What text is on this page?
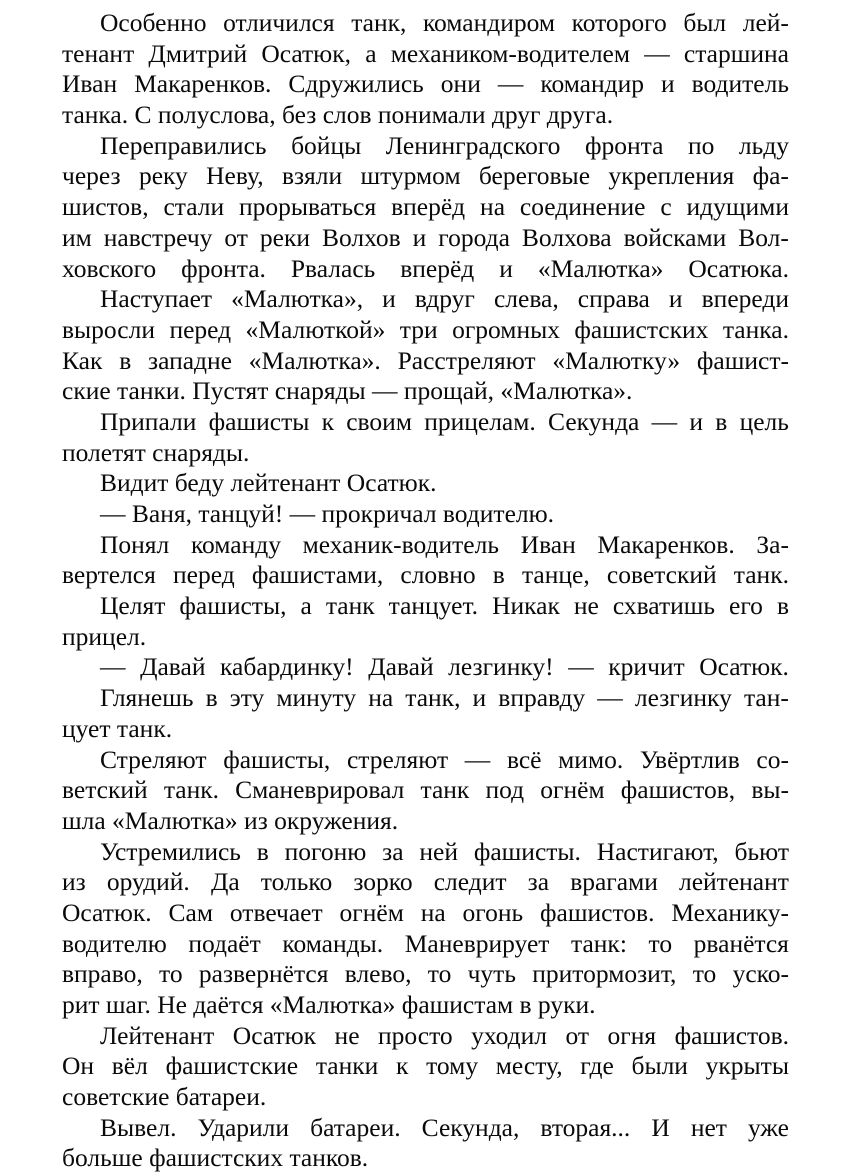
Особенно отличился танк, командиром которого был лей-
тенант Дмитрий Осатюк, а механиком-водителем — старшина
Иван Макаренков. Сдружились они — командир и водитель
танка. С полуслова, без слов понимали друг друга.

Переправились бойцы Ленинградского фронта по льду
через реку Неву, взяли штурмом береговые укрепления фа-
шистов, стали прорываться вперёд на соединение с идущими
им навстречу от реки Волхов и города Волхова войсками Вол-
ховского фронта. Рвалась вперёд и «Малютка» Осатюка.

Наступает «Малютка», и вдруг слева, справа и впереди
выросли перед «Малюткой» три огромных фашистских танка.
Как в западне «Малютка». Расстреляют «Малютку» фашист-
ские танки. Пустят снаряды — прощай, «Малютка».

Припали фашисты к своим прицелам. Секунда — и в цель
полетят снаряды.

Видит беду лейтенант Осатюк.

— Ваня, танцуй! — прокричал водителю.

Понял команду механик-водитель Иван Макаренков. За-
вертелся перед фашистами, словно в танце, советский танк.

Целят фашисты, а танк танцует. Никак не схватишь его в
прицел.

— Давай кабардинку! Давай лезгинку! — кричит Осатюк.

Глянешь в эту минуту на танк, и вправду — лезгинку тан-
цует танк.

Стреляют фашисты, стреляют — всё мимо. Увёртлив со-
ветский танк. Сманеврировал танк под огнём фашистов, вы-
шла «Малютка» из окружения.

Устремились в погоню за ней фашисты. Настигают, бьют
из орудий. Да только зорко следит за врагами лейтенант
Осатюк. Сам отвечает огнём на огонь фашистов. Механику-
водителю подаёт команды. Маневрирует танк: то рванётся
вправо, то развернётся влево, то чуть притормозит, то уско-
рит шаг. Не даётся «Малютка» фашистам в руки.

Лейтенант Осатюк не просто уходил от огня фашистов.
Он вёл фашистские танки к тому месту, где были укрыты
советские батареи.

Вывел. Ударили батареи. Секунда, вторая... И нет уже
больше фашистских танков.
